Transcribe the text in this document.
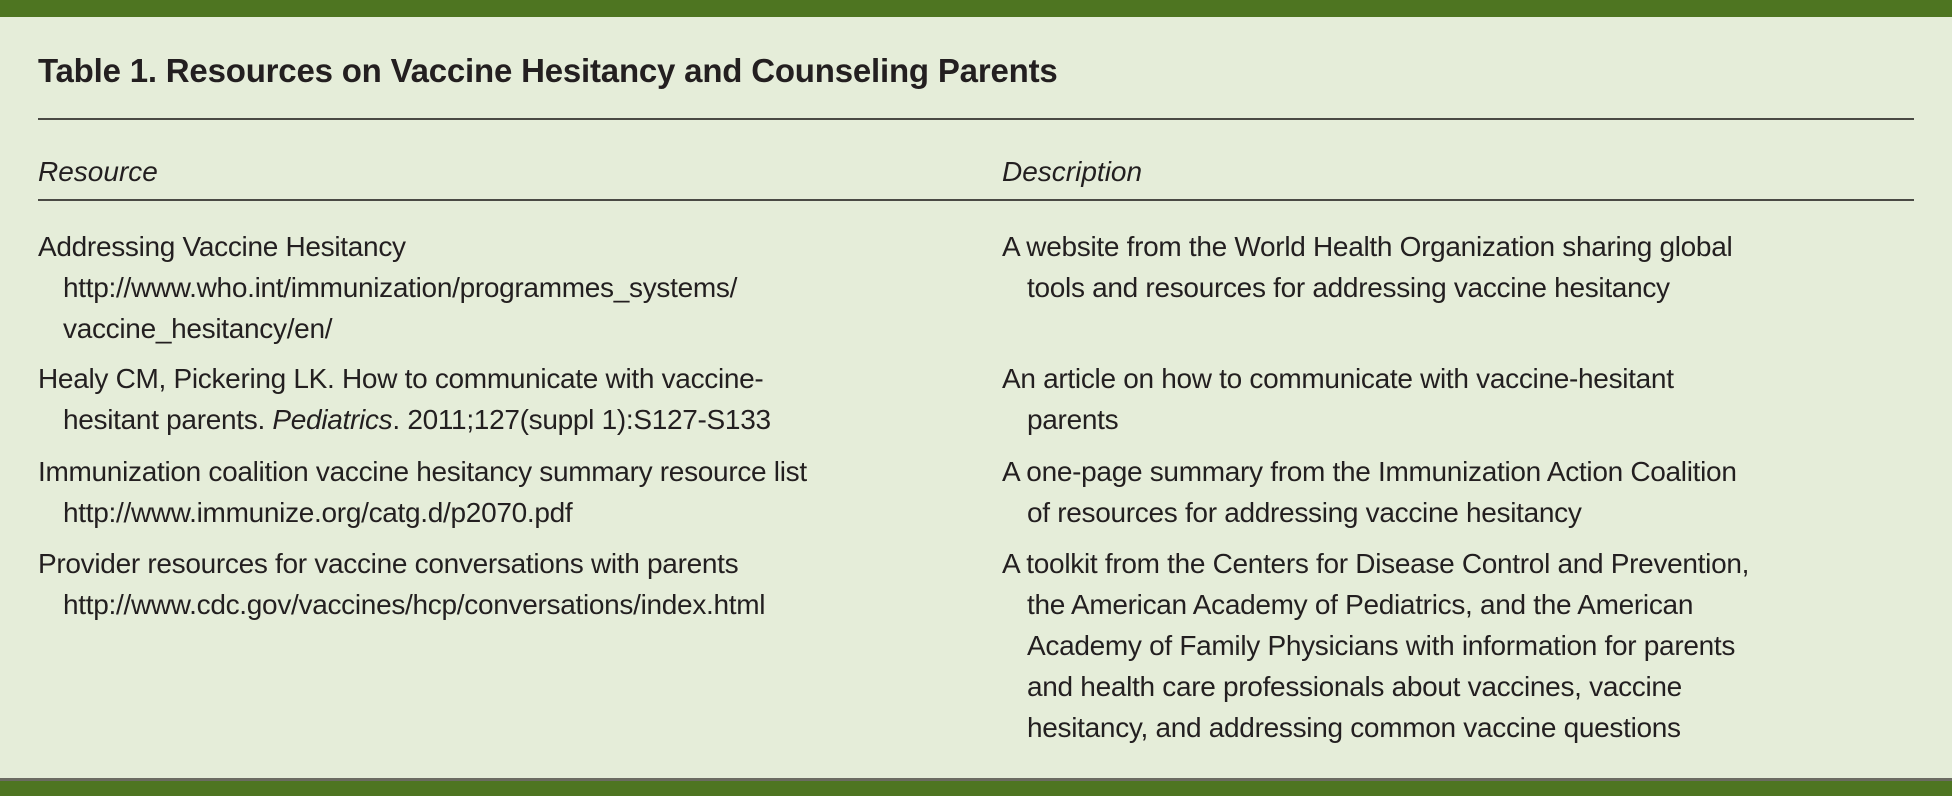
Table 1. Resources on Vaccine Hesitancy and Counseling Parents
Resource	Description
Addressing Vaccine Hesitancy
http://www.who.int/immunization/programmes_systems/
vaccine_hesitancy/en/
A website from the World Health Organization sharing global
tools and resources for addressing vaccine hesitancy
Healy CM, Pickering LK. How to communicate with vaccine-
hesitant parents. Pediatrics. 2011;127(suppl 1):S127-S133
An article on how to communicate with vaccine-hesitant
parents
Immunization coalition vaccine hesitancy summary resource list
http://www.immunize.org/catg.d/p2070.pdf
A one-page summary from the Immunization Action Coalition
of resources for addressing vaccine hesitancy
Provider resources for vaccine conversations with parents
http://www.cdc.gov/vaccines/hcp/conversations/index.html
A toolkit from the Centers for Disease Control and Prevention,
the American Academy of Pediatrics, and the American
Academy of Family Physicians with information for parents
and health care professionals about vaccines, vaccine
hesitancy, and addressing common vaccine questions
